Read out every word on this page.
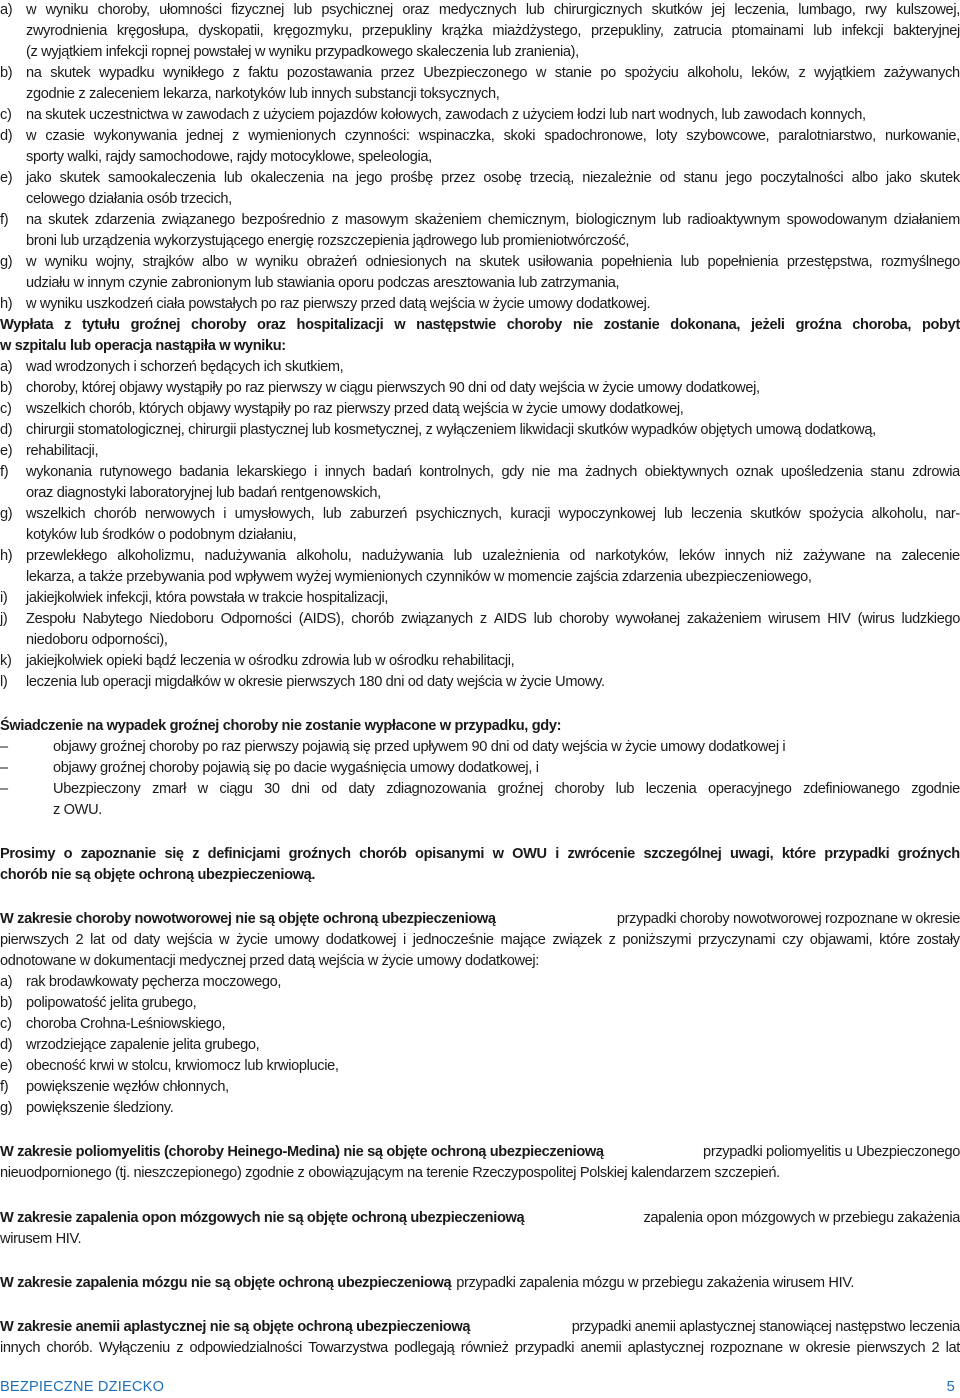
a) w wyniku choroby, ułomności fizycznej lub psychicznej oraz medycznych lub chirurgicznych skutków jej leczenia, lumbago, rwy kulszowej,
zwyrodnienia kręgosłupa, dyskopatii, kręgozmyku, przepukliny krążka miażdżystego, przepukliny, zatrucia ptomainami lub infekcji bakteryjnej
(z wyjątkiem infekcji ropnej powstałej w wyniku przypadkowego skaleczenia lub zranienia),
b) na skutek wypadku wynikłego z faktu pozostawania przez Ubezpieczonego w stanie po spożyciu alkoholu, leków, z wyjątkiem zażywanych
zgodnie z zaleceniem lekarza, narkotyków lub innych substancji toksycznych,
c) na skutek uczestnictwa w zawodach z użyciem pojazdów kołowych, zawodach z użyciem łodzi lub nart wodnych, lub zawodach konnych,
d) w czasie wykonywania jednej z wymienionych czynności: wspinaczka, skoki spadochronowe, loty szybowcowe, paralotniarstwo, nurkowanie,
sporty walki, rajdy samochodowe, rajdy motocyklowe, speleologia,
e) jako skutek samookaleczenia lub okaleczenia na jego prośbę przez osobę trzecią, niezależnie od stanu jego poczytalności albo jako skutek
celowego działania osób trzecich,
f) na skutek zdarzenia związanego bezpośrednio z masowym skażeniem chemicznym, biologicznym lub radioaktywnym spowodowanym działaniem
broni lub urządzenia wykorzystującego energię rozszczepienia jądrowego lub promieniotwórczość,
g) w wyniku wojny, strajków albo w wyniku obrażeń odniesionych na skutek usiłowania popełnienia lub popełnienia przestępstwa, rozmyślnego
udziału w innym czynie zabronionym lub stawiania oporu podczas aresztowania lub zatrzymania,
h) w wyniku uszkodzeń ciała powstałych po raz pierwszy przed datą wejścia w życie umowy dodatkowej.
Wypłata z tytułu groźnej choroby oraz hospitalizacji w następstwie choroby nie zostanie dokonana, jeżeli groźna choroba, pobyt
w szpitalu lub operacja nastąpiła w wyniku:
a) wad wrodzonych i schorzeń będących ich skutkiem,
b) choroby, której objawy wystąpiły po raz pierwszy w ciągu pierwszych 90 dni od daty wejścia w życie umowy dodatkowej,
c) wszelkich chorób, których objawy wystąpiły po raz pierwszy przed datą wejścia w życie umowy dodatkowej,
d) chirurgii stomatologicznej, chirurgii plastycznej lub kosmetycznej, z wyłączeniem likwidacji skutków wypadków objętych umową dodatkową,
e) rehabilitacji,
f) wykonania rutynowego badania lekarskiego i innych badań kontrolnych, gdy nie ma żadnych obiektywnych oznak upośledzenia stanu zdrowia
oraz diagnostyki laboratoryjnej lub badań rentgenowskich,
g) wszelkich chorób nerwowych i umysłowych, lub zaburzeń psychicznych, kuracji wypoczynkowej lub leczenia skutków spożycia alkoholu, nar-
kotyków lub środków o podobnym działaniu,
h) przewlekłego alkoholizmu, nadużywania alkoholu, nadużywania lub uzależnienia od narkotyków, leków innych niż zażywane na zalecenie
lekarza, a także przebywania pod wpływem wyżej wymienionych czynników w momencie zajścia zdarzenia ubezpieczeniowego,
i) jakiejkolwiek infekcji, która powstała w trakcie hospitalizacji,
j) Zespołu Nabytego Niedoboru Odporności (AIDS), chorób związanych z AIDS lub choroby wywołanej zakażeniem wirusem HIV (wirus ludzkiego
niedoboru odporności),
k) jakiejkolwiek opieki bądź leczenia w ośrodku zdrowia lub w ośrodku rehabilitacji,
l) leczenia lub operacji migdałków w okresie pierwszych 180 dni od daty wejścia w życie Umowy.
Świadczenie na wypadek groźnej choroby nie zostanie wypłacone w przypadku, gdy:
–	objawy groźnej choroby po raz pierwszy pojawią się przed upływem 90 dni od daty wejścia w życie umowy dodatkowej i
–	objawy groźnej choroby pojawią się po dacie wygaśnięcia umowy dodatkowej, i
–	Ubezpieczony zmarł w ciągu 30 dni od daty zdiagnozowania groźnej choroby lub leczenia operacyjnego zdefiniowanego zgodnie
z OWU.
Prosimy o zapoznanie się z definicjami groźnych chorób opisanymi w OWU i zwrócenie szczególnej uwagi, które przypadki groźnych
chorób nie są objęte ochroną ubezpieczeniową.
W zakresie choroby nowotworowej nie są objęte ochroną ubezpieczeniową	przypadki choroby nowotworowej rozpoznane w okresie
pierwszych 2 lat od daty wejścia w życie umowy dodatkowej i jednocześnie mające związek z poniższymi przyczynami czy objawami, które zostały
odnotowane w dokumentacji medycznej przed datą wejścia w życie umowy dodatkowej:
a) rak brodawkowaty pęcherza moczowego,
b) polipowatość jelita grubego,
c) choroba Crohna-Leśniowskiego,
d) wrzodziejące zapalenie jelita grubego,
e) obecność krwi w stolcu, krwiomocz lub krwioplucie,
f) powiększenie węzłów chłonnych,
g) powiększenie śledziony.
W zakresie poliomyelitis (choroby Heinego-Medina) nie są objęte ochroną ubezpieczeniową	przypadki poliomyelitis u Ubezpieczonego
nieuodpornionego (tj. nieszczepionego) zgodnie z obowiązującym na terenie Rzeczypospolitej Polskiej kalendarzem szczepień.
W zakresie zapalenia opon mózgowych nie są objęte ochroną ubezpieczeniową	zapalenia opon mózgowych w przebiegu zakażenia
wirusem HIV.
W zakresie zapalenia mózgu nie są objęte ochroną ubezpieczeniową przypadki zapalenia mózgu w przebiegu zakażenia wirusem HIV.
W zakresie anemii aplastycznej nie są objęte ochroną ubezpieczeniową	przypadki anemii aplastycznej stanowiącej następstwo leczenia
innych chorób. Wyłączeniu z odpowiedzialności Towarzystwa podlegają również przypadki anemii aplastycznej rozpoznane w okresie pierwszych 2 lat
BEZPIECZNE DZIECKO	5
